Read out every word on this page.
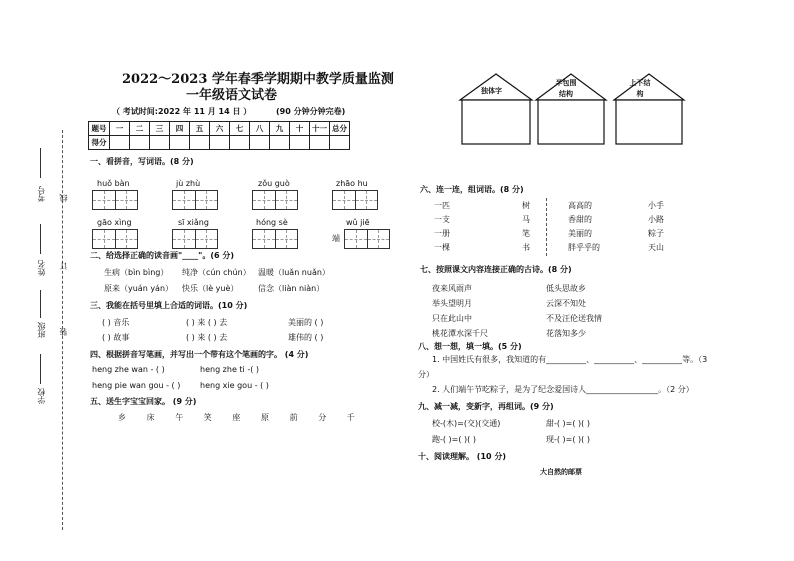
考号 线
姓名 订
班级 装
学校
2022～2023 学年春季学期期中教学质量监测
一年级语文试卷
（ 考试时间:2022 年 11 月 14 日 ）	(90 分钟分钟完卷)
题号	一	二	三	四	五	六	七	八	九	十	十一	总分
得分												
一、看拼音，写词语。(8 分)
huǒ bàn	jù zhù	zǒu guò	zhāo hu
gāo xìng	sī xiǎng	hóng sè	wǔ jiē
端
二、给选择正确的读音画"____"。(6 分)
生病（bìn bìng） 纯净（cún chún） 温暖（luǎn nuǎn）
原来（yuán yán） 快乐（lè yuè） 信念（liàn niàn）
三、我能在括号里填上合适的词语。(10 分)
( ) 音乐	( ) 来 ( ) 去	美丽的 ( )
( ) 故事	( ) 来 ( ) 去	雄伟的 ( )
四、根据拼音写笔画，并写出一个带有这个笔画的字。 (4 分)
heng zhe wan - ( )	heng zhe ti -( )
heng pie wan gou - ( ) heng xie gou - ( )
五、送生字宝宝回家。 (9 分)
乡	床	午	笑	座	原	前	分	千
独体字
半包围结构
上下结构
六、连一连，组词语。(8 分)
一匹
一支
一册
一棵
树
马
笔
书
高高的
香甜的
美丽的
胖乎乎的
小手
小路
粽子
天山
七、按照课文内容连接正确的古诗。(8 分)
夜来风雨声
举头望明月
只在此山中
桃花潭水深千尺
低头思故乡
云深不知处
不及汪伦送我情
花落知多少
八、想一想，填一填。(5 分)
1. 中国姓氏有很多，我知道的有__________、__________、__________等。（3
分）
2. 人们端午节吃粽子，是为了纪念爱国诗人__________________。（2 分）
九、减一减，变新字，再组词。(9 分)
校-(木)=(交)(交通)	甜-( )=( )( )
跑-( )=( )( )	现-( )=( )( )
十、阅读理解。 (10 分)
大自然的邮票
